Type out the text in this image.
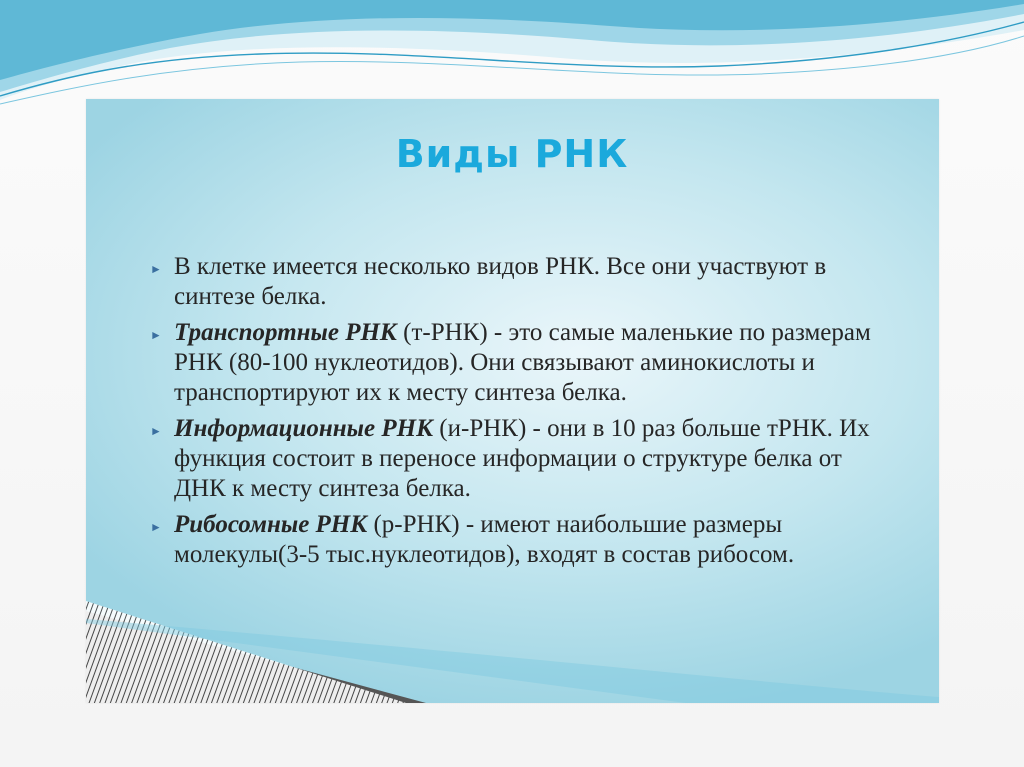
Виды РНК
► В клетке имеется несколько видов РНК. Все они участвуют в синтезе белка.
► Транспортные РНК (т-РНК) - это самые маленькие по размерам РНК (80-100 нуклеотидов). Они связывают аминокислоты и транспортируют их к месту синтеза белка.
► Информационные РНК (и-РНК) - они в 10 раз больше тРНК. Их функция состоит в переносе информации о структуре белка от ДНК к месту синтеза белка.
► Рибосомные РНК (р-РНК) - имеют наибольшие размеры молекулы(3-5 тыс.нуклеотидов), входят в состав рибосом.
